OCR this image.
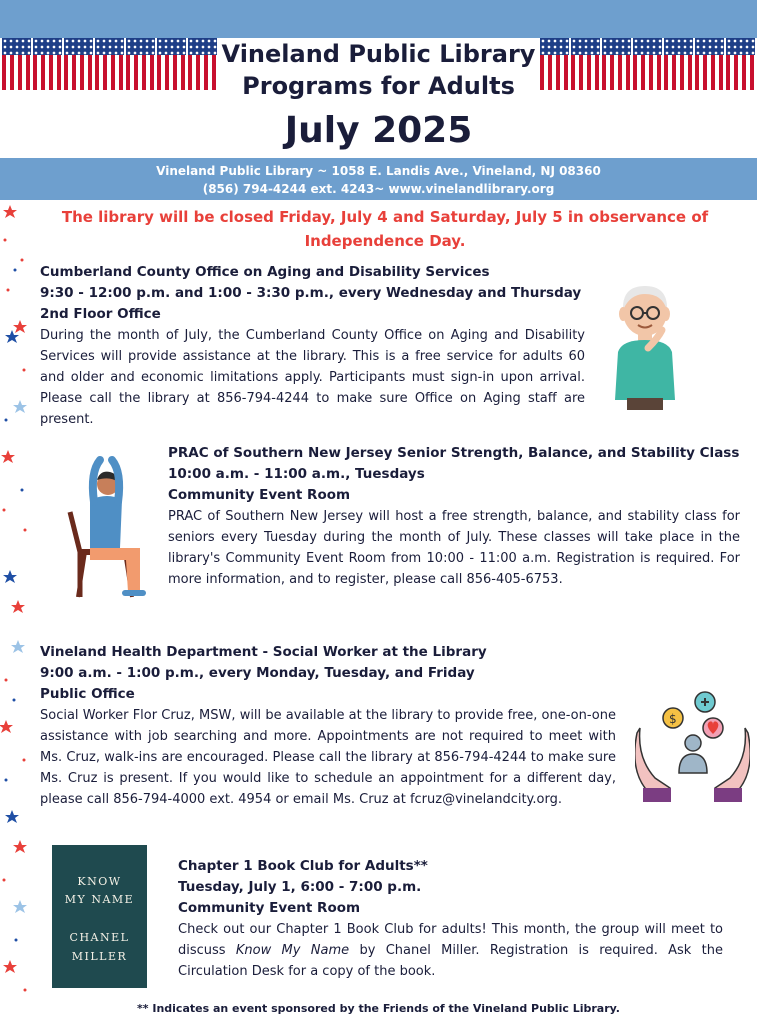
Vineland Public Library
Programs for Adults
July 2025
Vineland Public Library ~ 1058 E. Landis Ave., Vineland, NJ 08360
(856) 794-4244 ext. 4243~ www.vinelandlibrary.org
The library will be closed Friday, July 4 and Saturday, July 5 in observance of
Independence Day.
Cumberland County Office on Aging and Disability Services
9:30 - 12:00 p.m. and 1:00 - 3:30 p.m., every Wednesday and Thursday
2nd Floor Office

During the month of July, the Cumberland County Office on Aging and Disability Services will provide assistance at the library. This is a free service for adults 60 and older and economic limitations apply. Participants must sign-in upon arrival. Please call the library at 856-794-4244 to make sure Office on Aging staff are present.

PRAC of Southern New Jersey Senior Strength, Balance, and Stability Class
10:00 a.m. - 11:00 a.m., Tuesdays
Community Event Room

PRAC of Southern New Jersey will host a free strength, balance, and stability class for seniors every Tuesday during the month of July. These classes will take place in the library's Community Event Room from 10:00 - 11:00 a.m. Registration is required. For more information, and to register, please call 856-405-6753.

Vineland Health Department - Social Worker at the Library
9:00 a.m. - 1:00 p.m., every Monday, Tuesday, and Friday
Public Office

Social Worker Flor Cruz, MSW, will be available at the library to provide free, one-on-one assistance with job searching and more. Appointments are not required to meet with Ms. Cruz, walk-ins are encouraged. Please call the library at 856-794-4244 to make sure Ms. Cruz is present. If you would like to schedule an appointment for a different day, please call 856-794-4000 ext. 4954 or email Ms. Cruz at fcruz@vinelandcity.org.

$
KNOW
MY NAME
CHANEL
MILLER
Chapter 1 Book Club for Adults**
Tuesday, July 1, 6:00 - 7:00 p.m.
Community Event Room

Check out our Chapter 1 Book Club for adults! This month, the group will meet to discuss Know My Name by Chanel Miller. Registration is required. Ask the Circulation Desk for a copy of the book.

** Indicates an event sponsored by the Friends of the Vineland Public Library.
